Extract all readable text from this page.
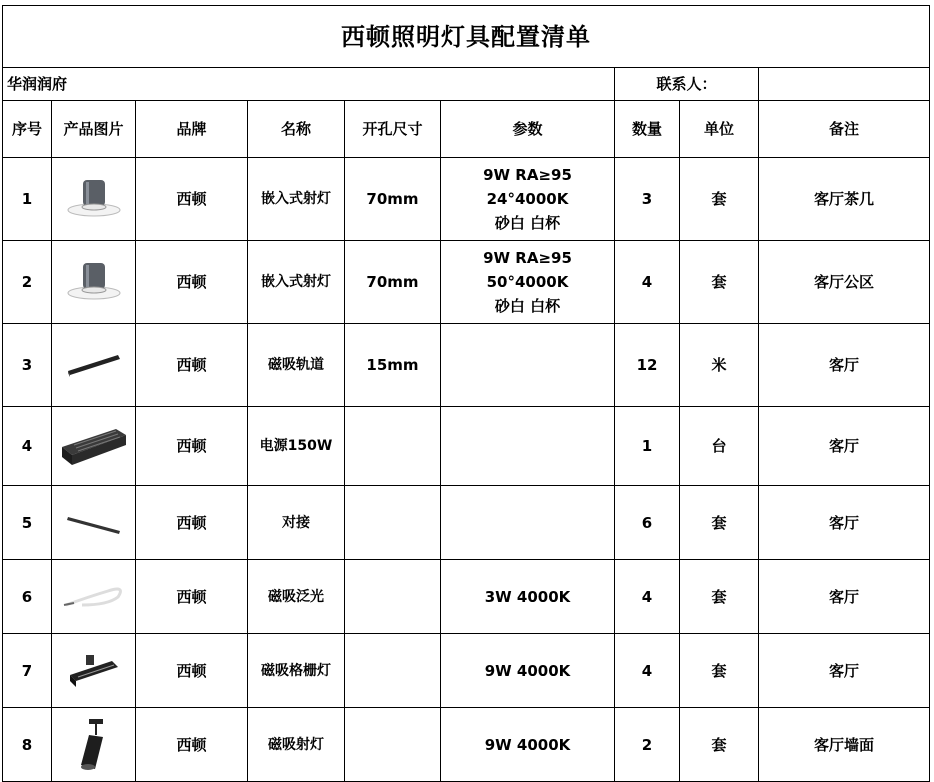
西顿照明灯具配置清单								
华润润府						联系人：		
序号	产品图片	品牌	名称	开孔尺寸	参数	数量	单位	备注
1		西顿	嵌入式射灯	70mm	9W RA≥95
24°4000K
砂白 白杯	3	套	客厅茶几
2		西顿	嵌入式射灯	70mm	9W RA≥95
50°4000K
砂白 白杯	4	套	客厅公区
3		西顿	磁吸轨道	15mm		12	米	客厅
4		西顿	电源150W			1	台	客厅
5		西顿	对接			6	套	客厅
6		西顿	磁吸泛光		3W 4000K	4	套	客厅
7		西顿	磁吸格栅灯		9W 4000K	4	套	客厅
8		西顿	磁吸射灯		9W 4000K	2	套	客厅墙面
